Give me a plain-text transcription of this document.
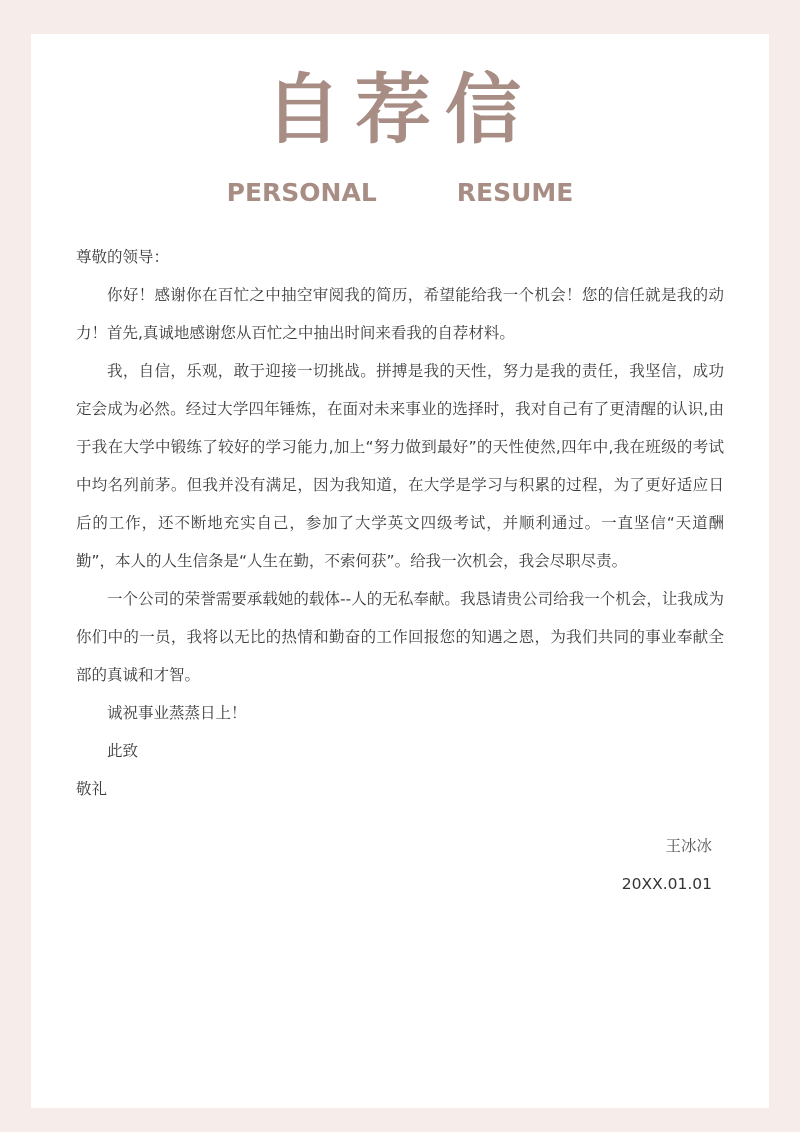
自荐信
PERSONAL	RESUME

尊敬的领导：

你好！感谢你在百忙之中抽空审阅我的简历，希望能给我一个机会！您的信任就是我的动力！首先,真诚地感谢您从百忙之中抽出时间来看我的自荐材料。

我，自信，乐观，敢于迎接一切挑战。拼搏是我的天性，努力是我的责任，我坚信，成功定会成为必然。经过大学四年锤炼，在面对未来事业的选择时，我对自己有了更清醒的认识,由于我在大学中锻练了较好的学习能力,加上“努力做到最好”的天性使然,四年中,我在班级的考试中均名列前茅。但我并没有满足，因为我知道，在大学是学习与积累的过程，为了更好适应日后的工作，还不断地充实自己，参加了大学英文四级考试，并顺利通过。一直坚信“天道酬勤”，本人的人生信条是“人生在勤，不索何获”。给我一次机会，我会尽职尽责。

一个公司的荣誉需要承载她的载体--人的无私奉献。我恳请贵公司给我一个机会，让我成为你们中的一员，我将以无比的热情和勤奋的工作回报您的知遇之恩，为我们共同的事业奉献全部的真诚和才智。

诚祝事业蒸蒸日上！

此致

敬礼

王冰冰
20XX.01.01
